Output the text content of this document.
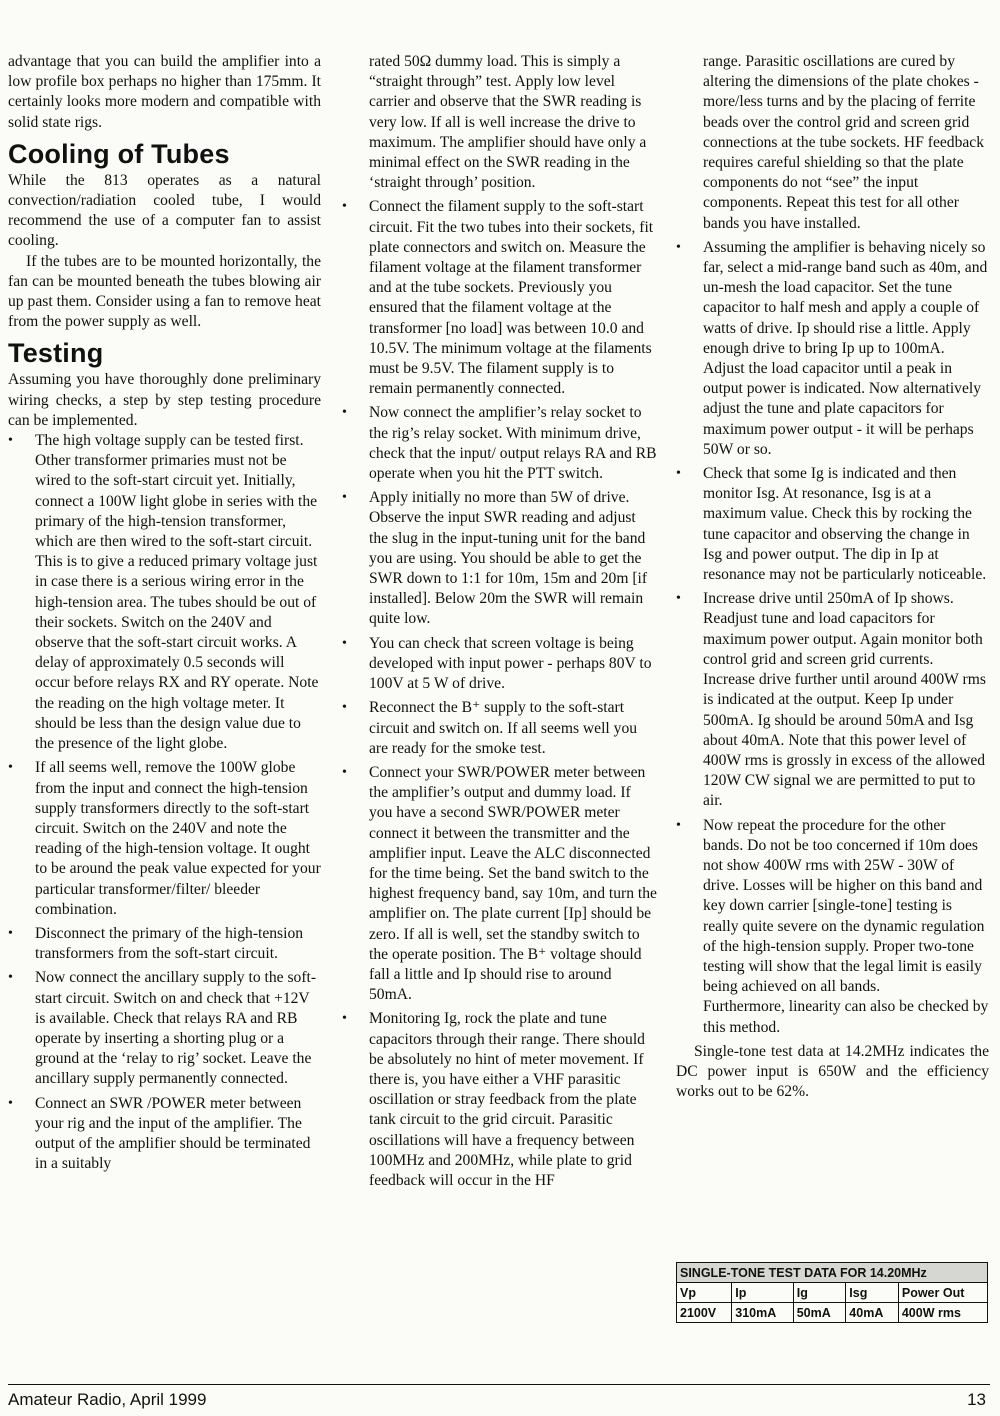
advantage that you can build the amplifier into a low profile box perhaps no higher than 175mm. It certainly looks more modern and compatible with solid state rigs.

Cooling of Tubes

While the 813 operates as a natural convection/radiation cooled tube, I would recommend the use of a computer fan to assist cooling.

If the tubes are to be mounted horizontally, the fan can be mounted beneath the tubes blowing air up past them. Consider using a fan to remove heat from the power supply as well.

Testing

Assuming you have thoroughly done preliminary wiring checks, a step by step testing procedure can be implemented.

• The high voltage supply can be tested first. Other transformer primaries must not be wired to the soft-start circuit yet. Initially, connect a 100W light globe in series with the primary of the high-tension transformer, which are then wired to the soft-start circuit. This is to give a reduced primary voltage just in case there is a serious wiring error in the high-tension area. The tubes should be out of their sockets. Switch on the 240V and observe that the soft-start circuit works. A delay of approximately 0.5 seconds will occur before relays RX and RY operate. Note the reading on the high voltage meter. It should be less than the design value due to the presence of the light globe.
• If all seems well, remove the 100W globe from the input and connect the high-tension supply transformers directly to the soft-start circuit. Switch on the 240V and note the reading of the high-tension voltage. It ought to be around the peak value expected for your particular transformer/filter/ bleeder combination.
• Disconnect the primary of the high-tension transformers from the soft-start circuit.
• Now connect the ancillary supply to the soft-start circuit. Switch on and check that +12V is available. Check that relays RA and RB operate by inserting a shorting plug or a ground at the ‘relay to rig’ socket. Leave the ancillary supply permanently connected.
• Connect an SWR /POWER meter between your rig and the input of the amplifier. The output of the amplifier should be terminated in a suitably
rated 50Ω dummy load. This is simply a “straight through” test. Apply low level carrier and observe that the SWR reading is very low. If all is well increase the drive to maximum. The amplifier should have only a minimal effect on the SWR reading in the ‘straight through’ position.
• Connect the filament supply to the soft-start circuit. Fit the two tubes into their sockets, fit plate connectors and switch on. Measure the filament voltage at the filament transformer and at the tube sockets. Previously you ensured that the filament voltage at the transformer [no load] was between 10.0 and 10.5V. The minimum voltage at the filaments must be 9.5V. The filament supply is to remain permanently connected.
• Now connect the amplifier’s relay socket to the rig’s relay socket. With minimum drive, check that the input/ output relays RA and RB operate when you hit the PTT switch.
• Apply initially no more than 5W of drive. Observe the input SWR reading and adjust the slug in the input-tuning unit for the band you are using. You should be able to get the SWR down to 1:1 for 10m, 15m and 20m [if installed]. Below 20m the SWR will remain quite low.
• You can check that screen voltage is being developed with input power - perhaps 80V to 100V at 5 W of drive.
• Reconnect the B⁺ supply to the soft-start circuit and switch on. If all seems well you are ready for the smoke test.
• Connect your SWR/POWER meter between the amplifier’s output and dummy load. If you have a second SWR/POWER meter connect it between the transmitter and the amplifier input. Leave the ALC disconnected for the time being. Set the band switch to the highest frequency band, say 10m, and turn the amplifier on. The plate current [Ip] should be zero. If all is well, set the standby switch to the operate position. The B⁺ voltage should fall a little and Ip should rise to around 50mA.
• Monitoring Ig, rock the plate and tune capacitors through their range. There should be absolutely no hint of meter movement. If there is, you have either a VHF parasitic oscillation or stray feedback from the plate tank circuit to the grid circuit. Parasitic oscillations will have a frequency between 100MHz and 200MHz, while plate to grid feedback will occur in the HF
range. Parasitic oscillations are cured by altering the dimensions of the plate chokes - more/less turns and by the placing of ferrite beads over the control grid and screen grid connections at the tube sockets. HF feedback requires careful shielding so that the plate components do not “see” the input components. Repeat this test for all other bands you have installed.
• Assuming the amplifier is behaving nicely so far, select a mid-range band such as 40m, and un-mesh the load capacitor. Set the tune capacitor to half mesh and apply a couple of watts of drive. Ip should rise a little. Apply enough drive to bring Ip up to 100mA. Adjust the load capacitor until a peak in output power is indicated. Now alternatively adjust the tune and plate capacitors for maximum power output - it will be perhaps 50W or so.
• Check that some Ig is indicated and then monitor Isg. At resonance, Isg is at a maximum value. Check this by rocking the tune capacitor and observing the change in Isg and power output. The dip in Ip at resonance may not be particularly noticeable.
• Increase drive until 250mA of Ip shows. Readjust tune and load capacitors for maximum power output. Again monitor both control grid and screen grid currents. Increase drive further until around 400W rms is indicated at the output. Keep Ip under 500mA. Ig should be around 50mA and Isg about 40mA. Note that this power level of 400W rms is grossly in excess of the allowed 120W CW signal we are permitted to put to air.
• Now repeat the procedure for the other bands. Do not be too concerned if 10m does not show 400W rms with 25W - 30W of drive. Losses will be higher on this band and key down carrier [single-tone] testing is really quite severe on the dynamic regulation of the high-tension supply. Proper two-tone testing will show that the legal limit is easily being achieved on all bands.
Furthermore, linearity can also be checked by this method.

Single-tone test data at 14.2MHz indicates the DC power input is 650W and the efficiency works out to be 62%.

SINGLE-TONE TEST DATA FOR 14.20MHz				
Vp	Ip	Ig	Isg	Power Out
2100V	310mA	50mA	40mA	400W rms
Amateur Radio, April 1999	13
